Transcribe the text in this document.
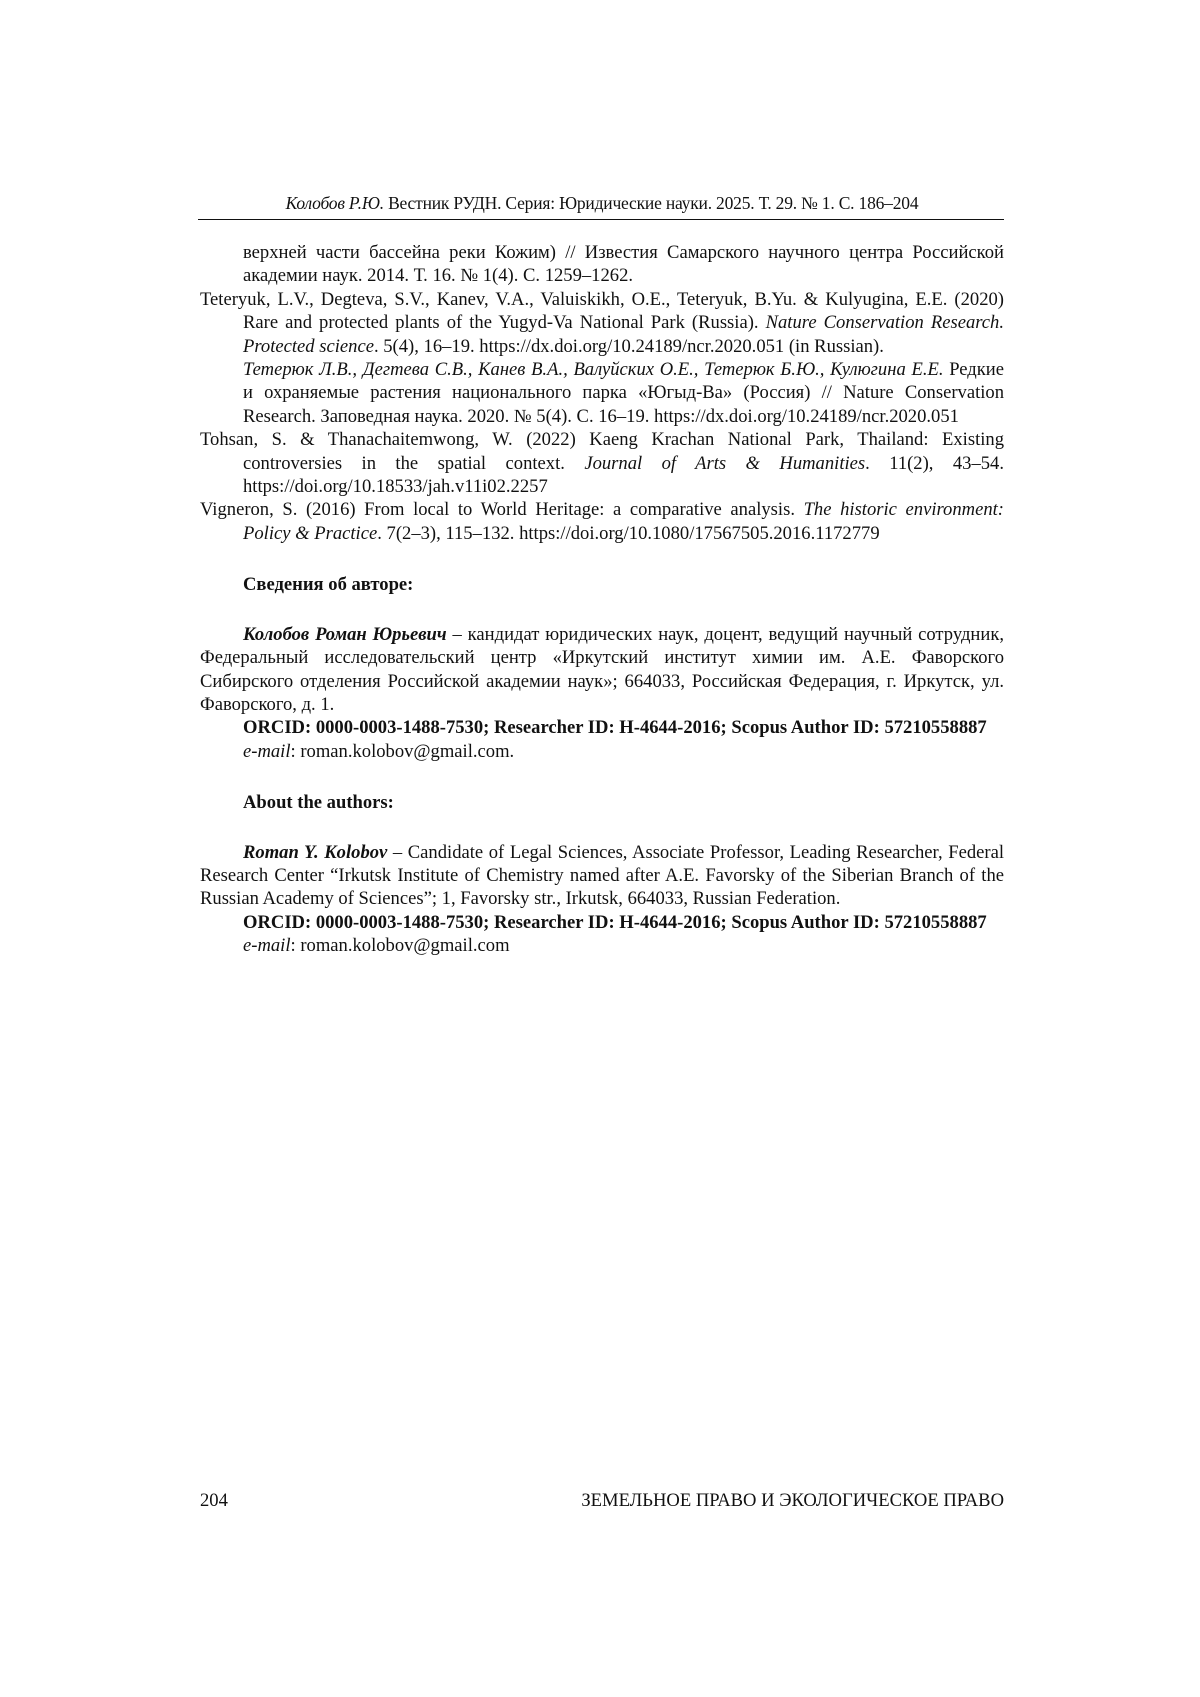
Колобов Р.Ю. Вестник РУДН. Серия: Юридические науки. 2025. Т. 29. № 1. С. 186–204

верхней части бассейна реки Кожим) // Известия Самарского научного центра Российской академии наук. 2014. Т. 16. № 1(4). С. 1259–1262.

Teteryuk, L.V., Degteva, S.V., Kanev, V.A., Valuiskikh, O.E., Teteryuk, B.Yu. & Kulyugina, E.E. (2020) Rare and protected plants of the Yugyd-Va National Park (Russia). Nature Conservation Research. Protected science. 5(4), 16–19. https://dx.doi.org/10.24189/ncr.2020.051 (in Russian).

Тетерюк Л.В., Дегтева С.В., Канев В.А., Валуйских О.Е., Тетерюк Б.Ю., Кулюгина Е.Е. Редкие и охраняемые растения национального парка «Югыд-Ва» (Россия) // Nature Conservation Research. Заповедная наука. 2020. № 5(4). С. 16–19. https://dx.doi.org/10.24189/ncr.2020.051

Tohsan, S. & Thanachaitemwong, W. (2022) Kaeng Krachan National Park, Thailand: Existing controversies in the spatial context. Journal of Arts & Humanities. 11(2), 43–54. https://doi.org/10.18533/jah.v11i02.2257

Vigneron, S. (2016) From local to World Heritage: a comparative analysis. The historic environment: Policy & Practice. 7(2–3), 115–132. https://doi.org/10.1080/17567505.2016.1172779

Сведения об авторе:

Колобов Роман Юрьевич – кандидат юридических наук, доцент, ведущий научный сотрудник, Федеральный исследовательский центр «Иркутский институт химии им. А.Е. Фаворского Сибирского отделения Российской академии наук»; 664033, Российская Федерация, г. Иркутск, ул. Фаворского, д. 1.

ORCID: 0000-0003-1488-7530; Researcher ID: H-4644-2016; Scopus Author ID: 57210558887

e-mail: roman.kolobov@gmail.com.

About the authors:

Roman Y. Kolobov – Candidate of Legal Sciences, Associate Professor, Leading Researcher, Federal Research Center “Irkutsk Institute of Chemistry named after A.E. Favorsky of the Siberian Branch of the Russian Academy of Sciences”; 1, Favorsky str., Irkutsk, 664033, Russian Federation.

ORCID: 0000-0003-1488-7530; Researcher ID: H-4644-2016; Scopus Author ID: 57210558887

e-mail: roman.kolobov@gmail.com

204	ЗЕМЕЛЬНОЕ ПРАВО И ЭКОЛОГИЧЕСКОЕ ПРАВО
